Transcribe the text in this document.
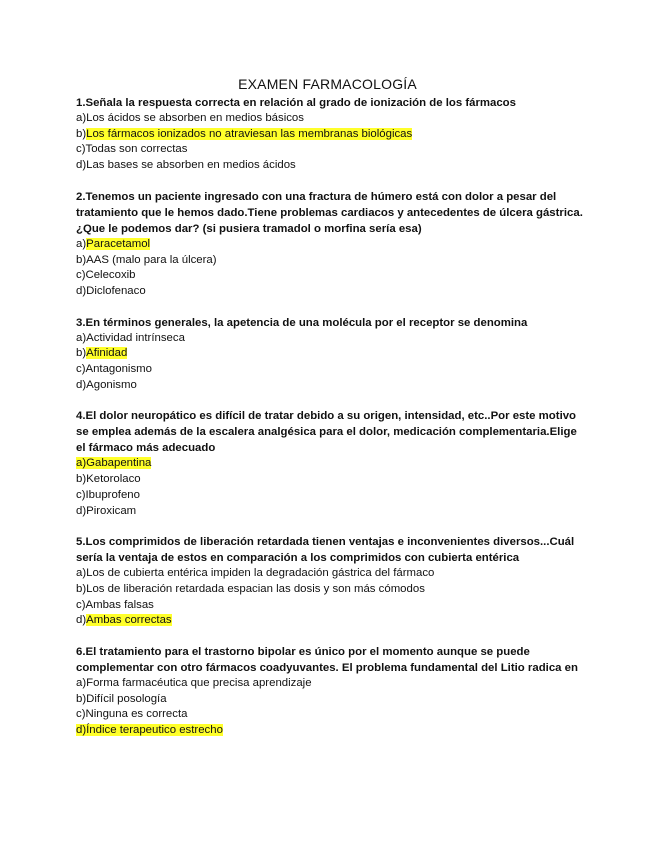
EXAMEN FARMACOLOGÍA

1.Señala la respuesta correcta en relación al grado de ionización de los fármacos

a)Los ácidos se absorben en medios básicos

b)Los fármacos ionizados no atraviesan las membranas biológicas

c)Todas son correctas

d)Las bases se absorben en medios ácidos

2.Tenemos un paciente ingresado con una fractura de húmero está con dolor a pesar del tratamiento que le hemos dado.Tiene problemas cardiacos y antecedentes de úlcera gástrica.¿Que le podemos dar? (si pusiera tramadol o morfina sería esa)

a)Paracetamol

b)AAS (malo para la úlcera)

c)Celecoxib

d)Diclofenaco

3.En términos generales, la apetencia de una molécula por el receptor se denomina

a)Actividad intrínseca

b)Afinidad

c)Antagonismo

d)Agonismo

4.El dolor neuropático es difícil de tratar debido a su origen, intensidad, etc..Por este motivo se emplea además de la escalera analgésica para el dolor, medicación complementaria.Elige el fármaco más adecuado

a)Gabapentina

b)Ketorolaco

c)Ibuprofeno

d)Piroxicam

5.Los comprimidos de liberación retardada tienen ventajas e inconvenientes diversos...Cuál sería la ventaja de estos en comparación a los comprimidos con cubierta entérica

a)Los de cubierta entérica impiden la degradación gástrica del fármaco

b)Los de liberación retardada espacian las dosis y son más cómodos

c)Ambas falsas

d)Ambas correctas

6.El tratamiento para el trastorno bipolar es único por el momento aunque se puede complementar con otro fármacos coadyuvantes. El problema fundamental del Litio radica en

a)Forma farmacéutica que precisa aprendizaje

b)Difícil posología

c)Ninguna es correcta

d)Índice terapeutico estrecho
